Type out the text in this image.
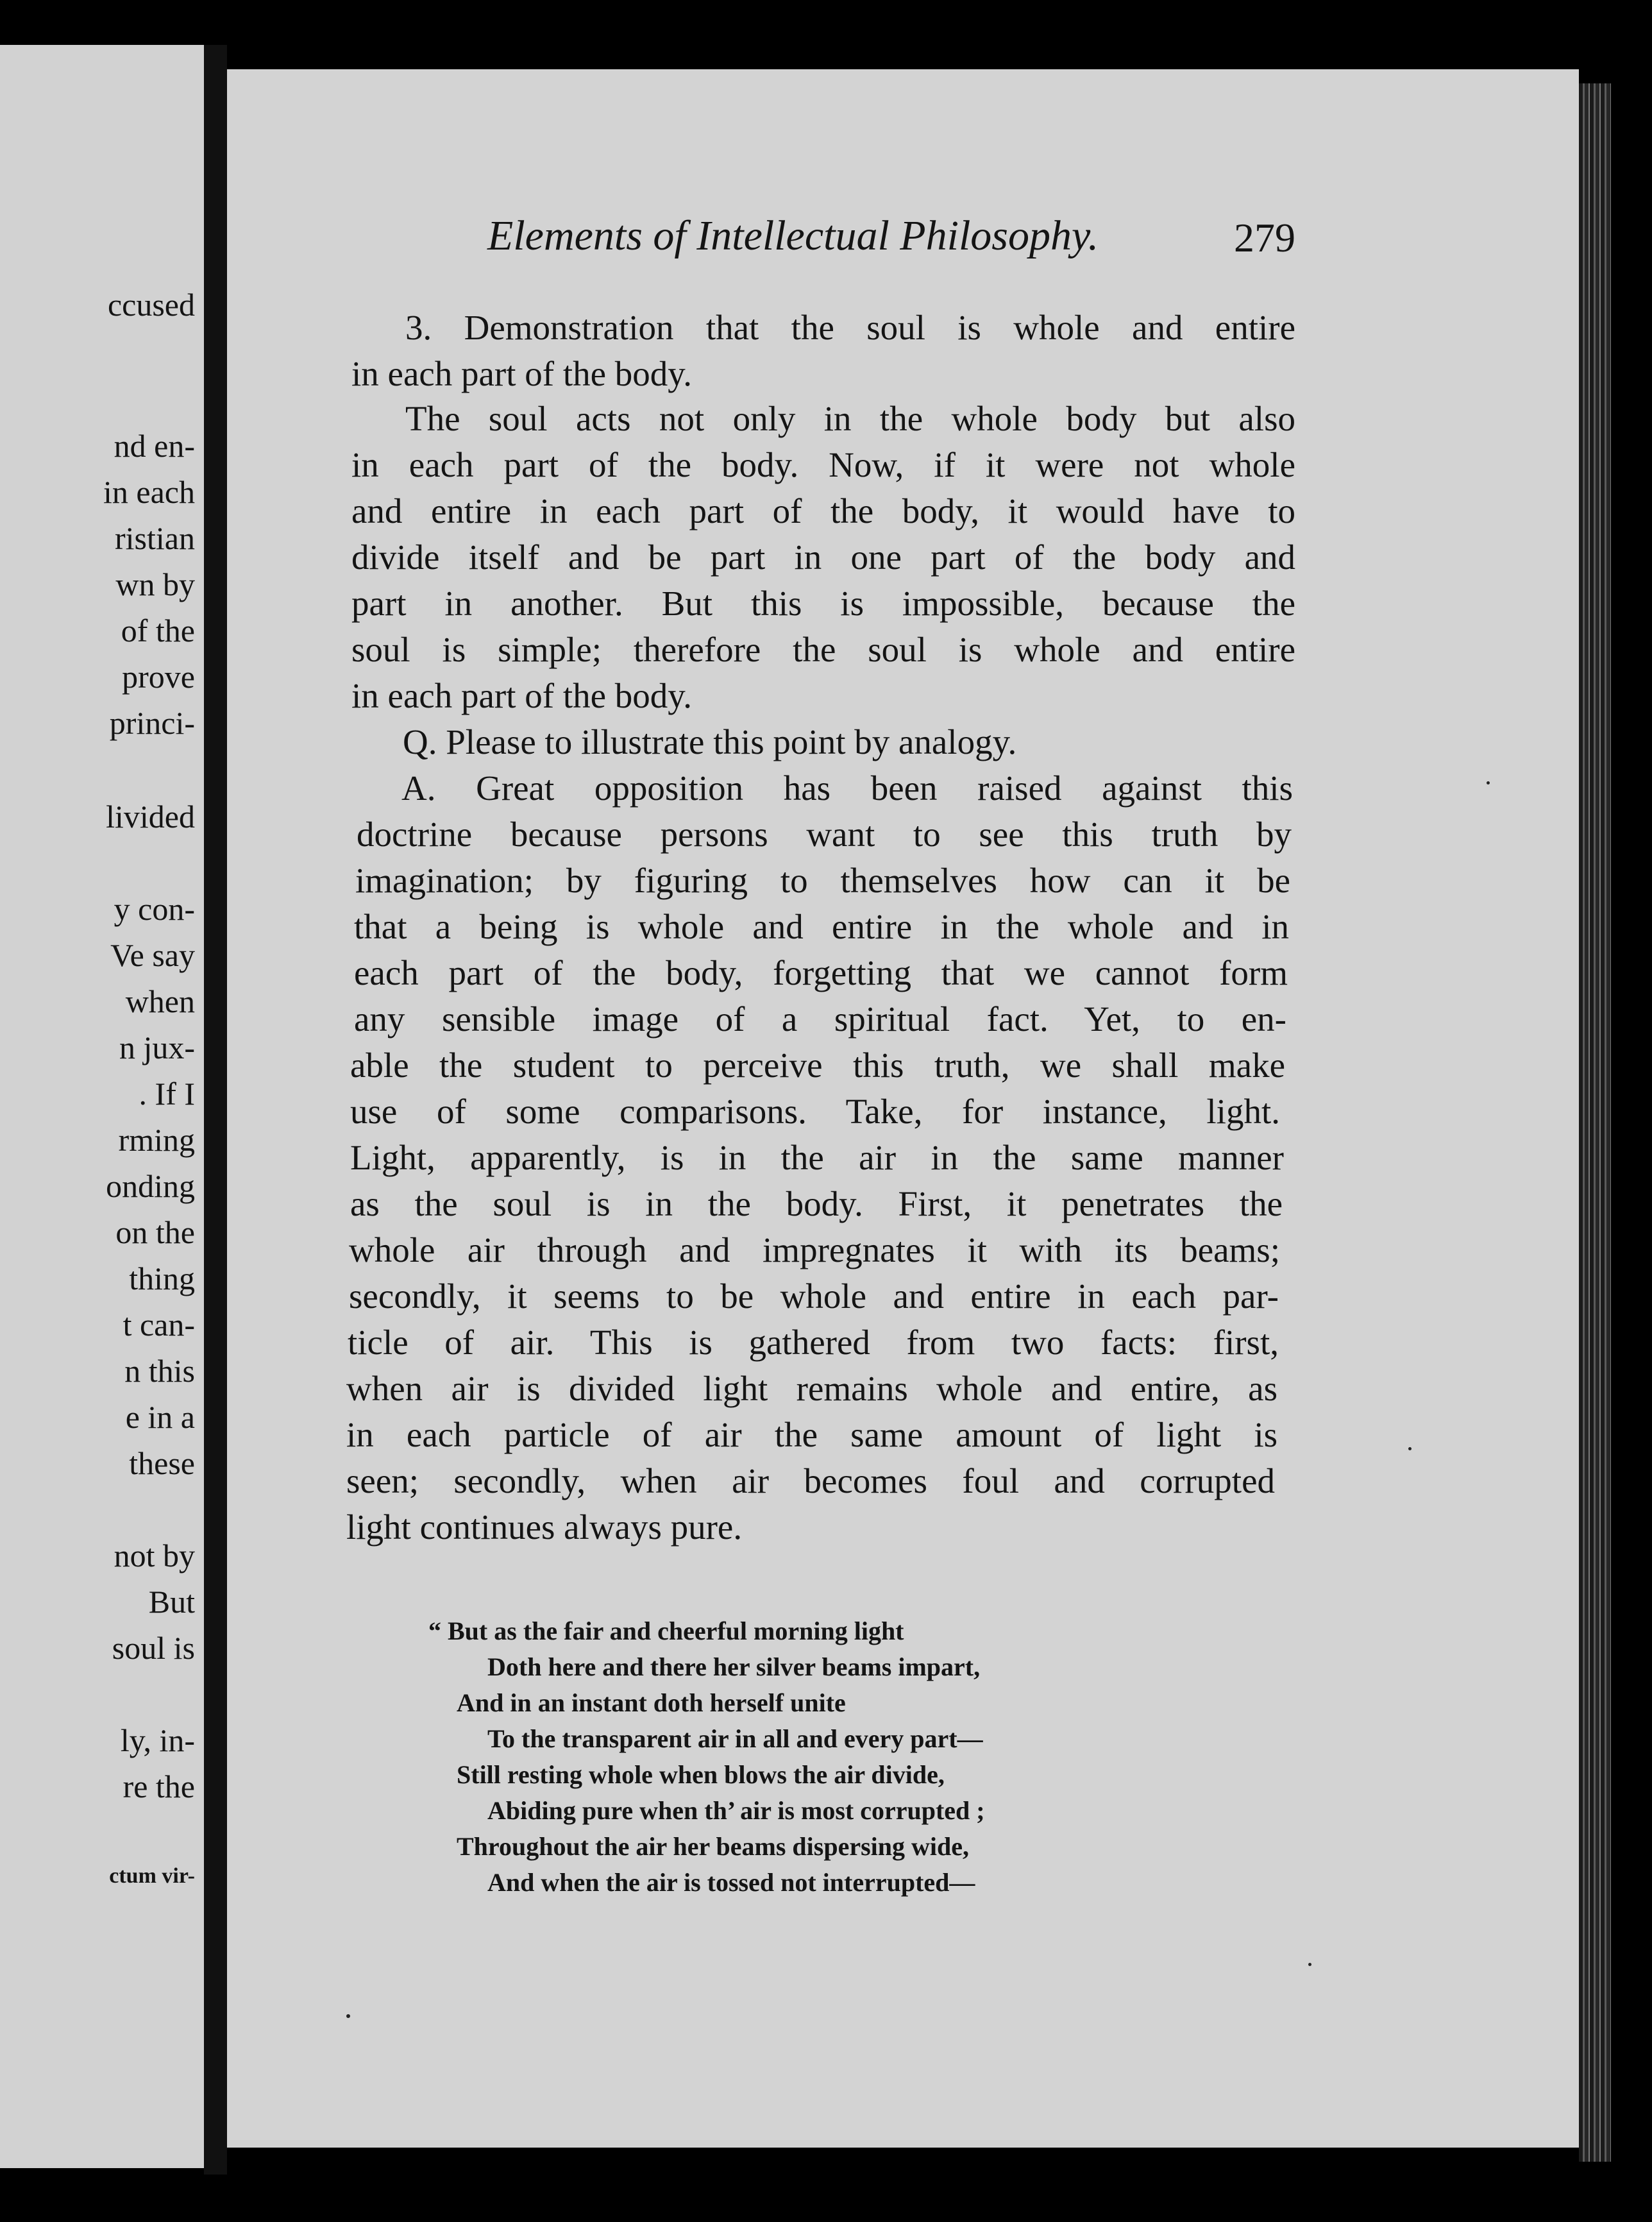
ccused
nd en-
in each
ristian
wn by
of the
prove
princi-
livided
y con-
Ve say
when
n jux-
. If I
rming
onding
on the
thing
t can-
n this
e in a
these
not by
But
soul is
ly, in-
re the
ctum vir-
Elements of Intellectual Philosophy.	279
3. Demonstration that the soul is whole and entire
in each part of the body.
The soul acts not only in the whole body but also
in each part of the body. Now, if it were not whole
and entire in each part of the body, it would have to
divide itself and be part in one part of the body and
part in another. But this is impossible, because the
soul is simple; therefore the soul is whole and entire
in each part of the body.
Q. Please to illustrate this point by analogy.
A. Great opposition has been raised against this
doctrine because persons want to see this truth by
imagination; by figuring to themselves how can it be
that a being is whole and entire in the whole and in
each part of the body, forgetting that we cannot form
any sensible image of a spiritual fact. Yet, to en-
able the student to perceive this truth, we shall make
use of some comparisons. Take, for instance, light.
Light, apparently, is in the air in the same manner
as the soul is in the body. First, it penetrates the
whole air through and impregnates it with its beams;
secondly, it seems to be whole and entire in each par-
ticle of air. This is gathered from two facts: first,
when air is divided light remains whole and entire, as
in each particle of air the same amount of light is
seen; secondly, when air becomes foul and corrupted
light continues always pure.
“ But as the fair and cheerful morning light
Doth here and there her silver beams impart,
And in an instant doth herself unite
To the transparent air in all and every part—
Still resting whole when blows the air divide,
Abiding pure when th’ air is most corrupted ;
Throughout the air her beams dispersing wide,
And when the air is tossed not interrupted—
